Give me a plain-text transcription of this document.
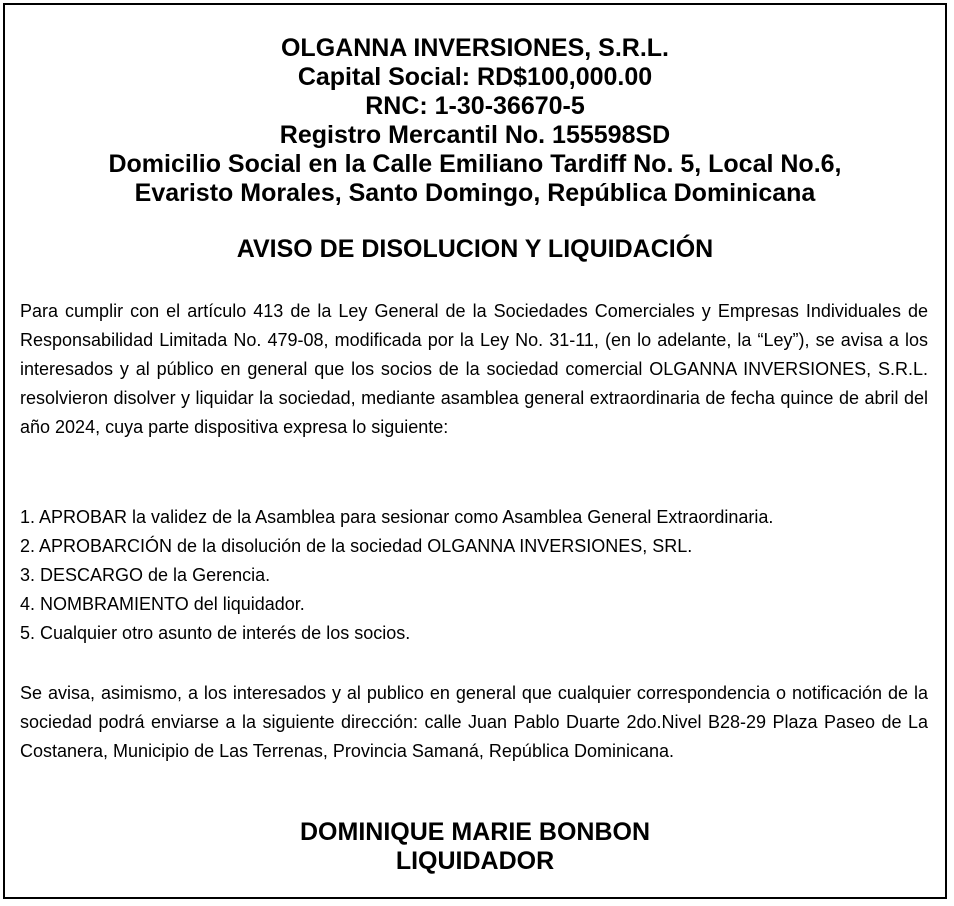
OLGANNA INVERSIONES, S.R.L.
Capital Social: RD$100,000.00
RNC: 1-30-36670-5
Registro Mercantil No. 155598SD
Domicilio Social en la Calle Emiliano Tardiff No. 5, Local No.6,
Evaristo Morales, Santo Domingo, República Dominicana
AVISO DE DISOLUCION Y LIQUIDACIÓN

Para cumplir con el artículo 413 de la Ley General de la Sociedades Comerciales y Empresas Individuales de Responsabilidad Limitada No. 479-08, modificada por la Ley No. 31-11, (en lo adelante, la “Ley”), se avisa a los interesados y al público en general que los socios de la sociedad comercial OLGANNA INVERSIONES, S.R.L. resolvieron disolver y liquidar la sociedad, mediante asamblea general extraordinaria de fecha quince de abril del año 2024, cuya parte dispositiva expresa lo siguiente:

1. APROBAR la validez de la Asamblea para sesionar como Asamblea General Extraordinaria.
2. APROBARCIÓN de la disolución de la sociedad OLGANNA INVERSIONES, SRL.
3. DESCARGO de la Gerencia.
4. NOMBRAMIENTO del liquidador.
5. Cualquier otro asunto de interés de los socios.

Se avisa, asimismo, a los interesados y al publico en general que cualquier correspondencia o notificación de la sociedad podrá enviarse a la siguiente dirección: calle Juan Pablo Duarte 2do.Nivel B28-29 Plaza Paseo de La Costanera, Municipio de Las Terrenas, Provincia Samaná, República Dominicana.

DOMINIQUE MARIE BONBON
LIQUIDADOR
